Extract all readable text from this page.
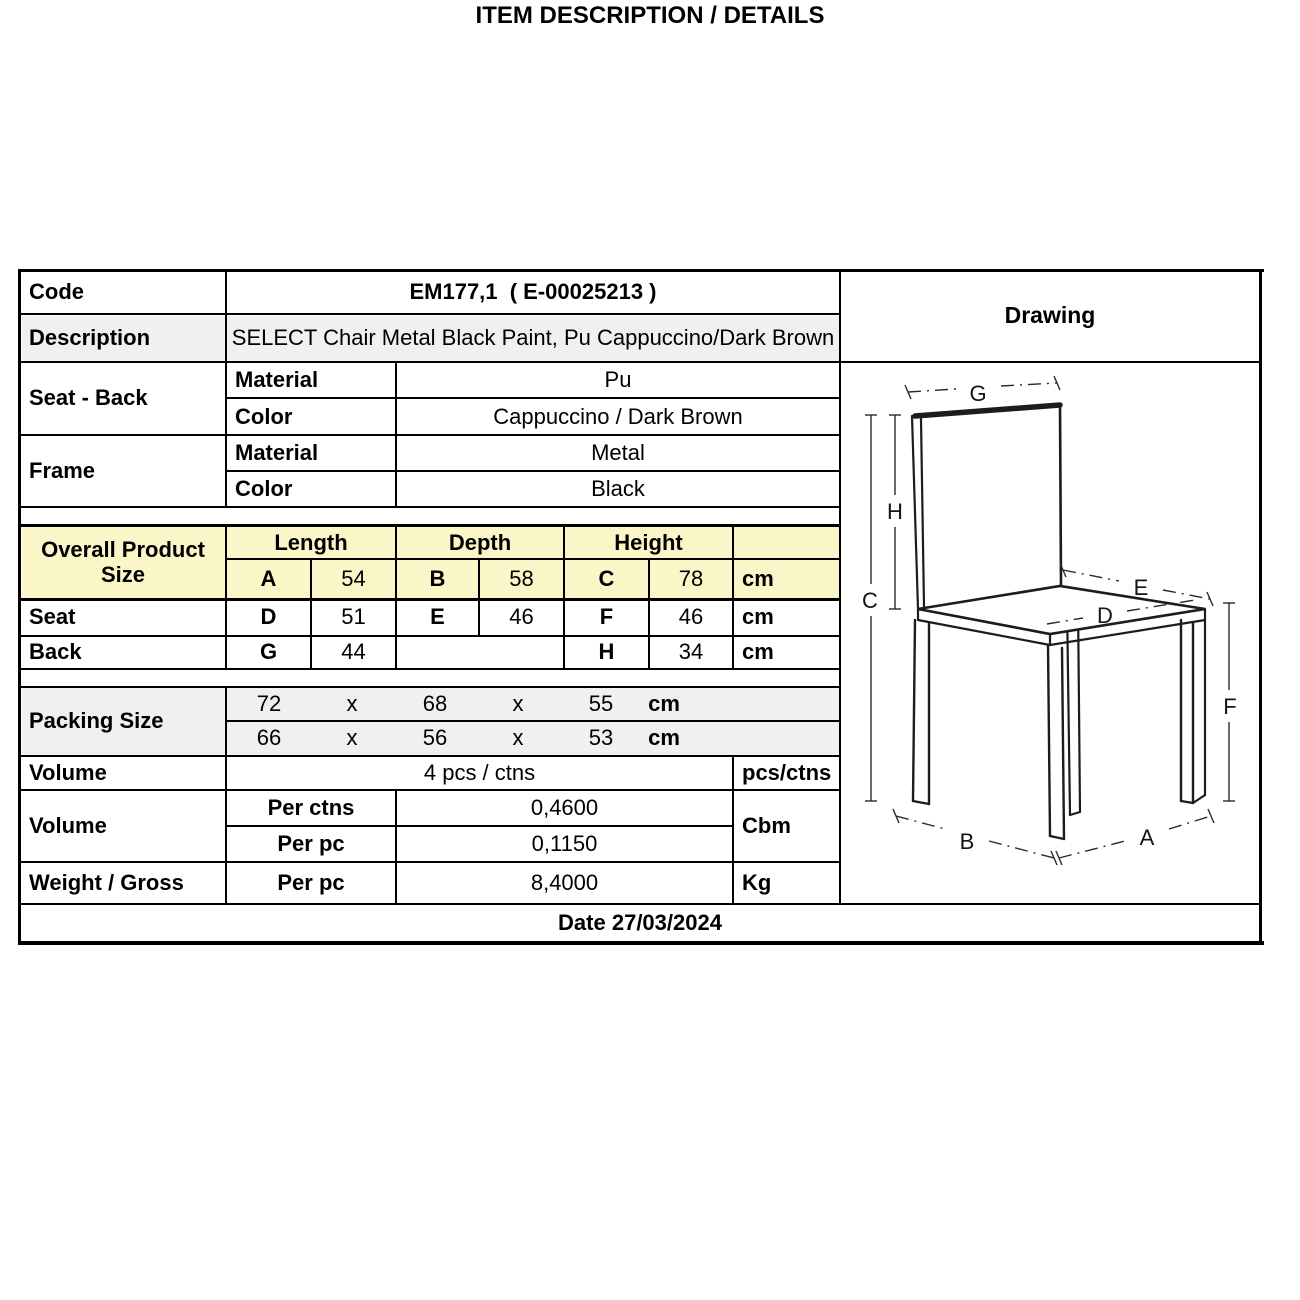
ITEM DESCRIPTION / DETAILS
Code	EM177,1  ( E-00025213 )
Description	SELECT Chair Metal Black Paint, Pu Cappuccino/Dark Brown
Seat - Back
Material	Pu
Color	Cappuccino / Dark Brown
Frame
Material	Metal
Color	Black
Overall Product Size
Length	Depth	Height
A	54	B	58	C	78	cm
Seat	D	51	E	46	F	46	cm
Back	G	44	H	34	cm
Packing Size
72	x	68	x	55	cm
66	x	56	x	53	cm
Volume	4 pcs / ctns	pcs/ctns
Volume
Per ctns	0,4600
Per pc	0,1150
Cbm
Weight / Gross	Per pc	8,4000	Kg
Date 27/03/2024
Drawing
G
H
C
E
D
F
B	A
